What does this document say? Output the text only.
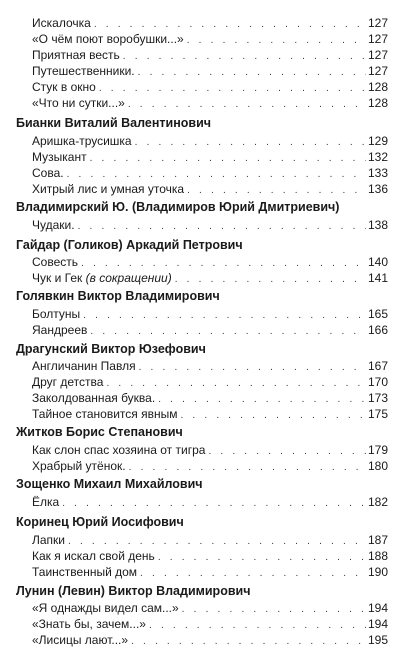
Искалочка . . .	127
«О чём поют воробушки...» . . .	127
Приятная весть . . .	127
Путешественники. . . .	127
Стук в окно . . .	128
«Что ни сутки...» . . .	128
Бианки Виталий Валентинович
Аришка-трусишка . . .	129
Музыкант . . .	132
Сова. . . .	133
Хитрый лис и умная уточка . . .	136
Владимирский Ю. (Владимиров Юрий Дмитриевич)
Чудаки. . . .	138
Гайдар (Голиков) Аркадий Петрович
Совесть . . .	140
Чук и Гек (в сокращении) . . .	141
Голявкин Виктор Владимирович
Болтуны . . .	165
Яандреев . . .	166
Драгунский Виктор Юзефович
Англичанин Павля . . .	167
Друг детства . . .	170
Заколдованная буква. . . .	173
Тайное становится явным . . .	175
Житков Борис Степанович
Как слон спас хозяина от тигра . . .	179
Храбрый утёнок. . . .	180
Зощенко Михаил Михайлович
Ёлка . . .	182
Коринец Юрий Иосифович
Лапки . . .	187
Как я искал свой день . . .	188
Таинственный дом . . .	190
Лунин (Левин) Виктор Владимирович
«Я однажды видел сам...» . . .	194
«Знать бы, зачем...» . . .	194
«Лисицы лают...» . . .	195
